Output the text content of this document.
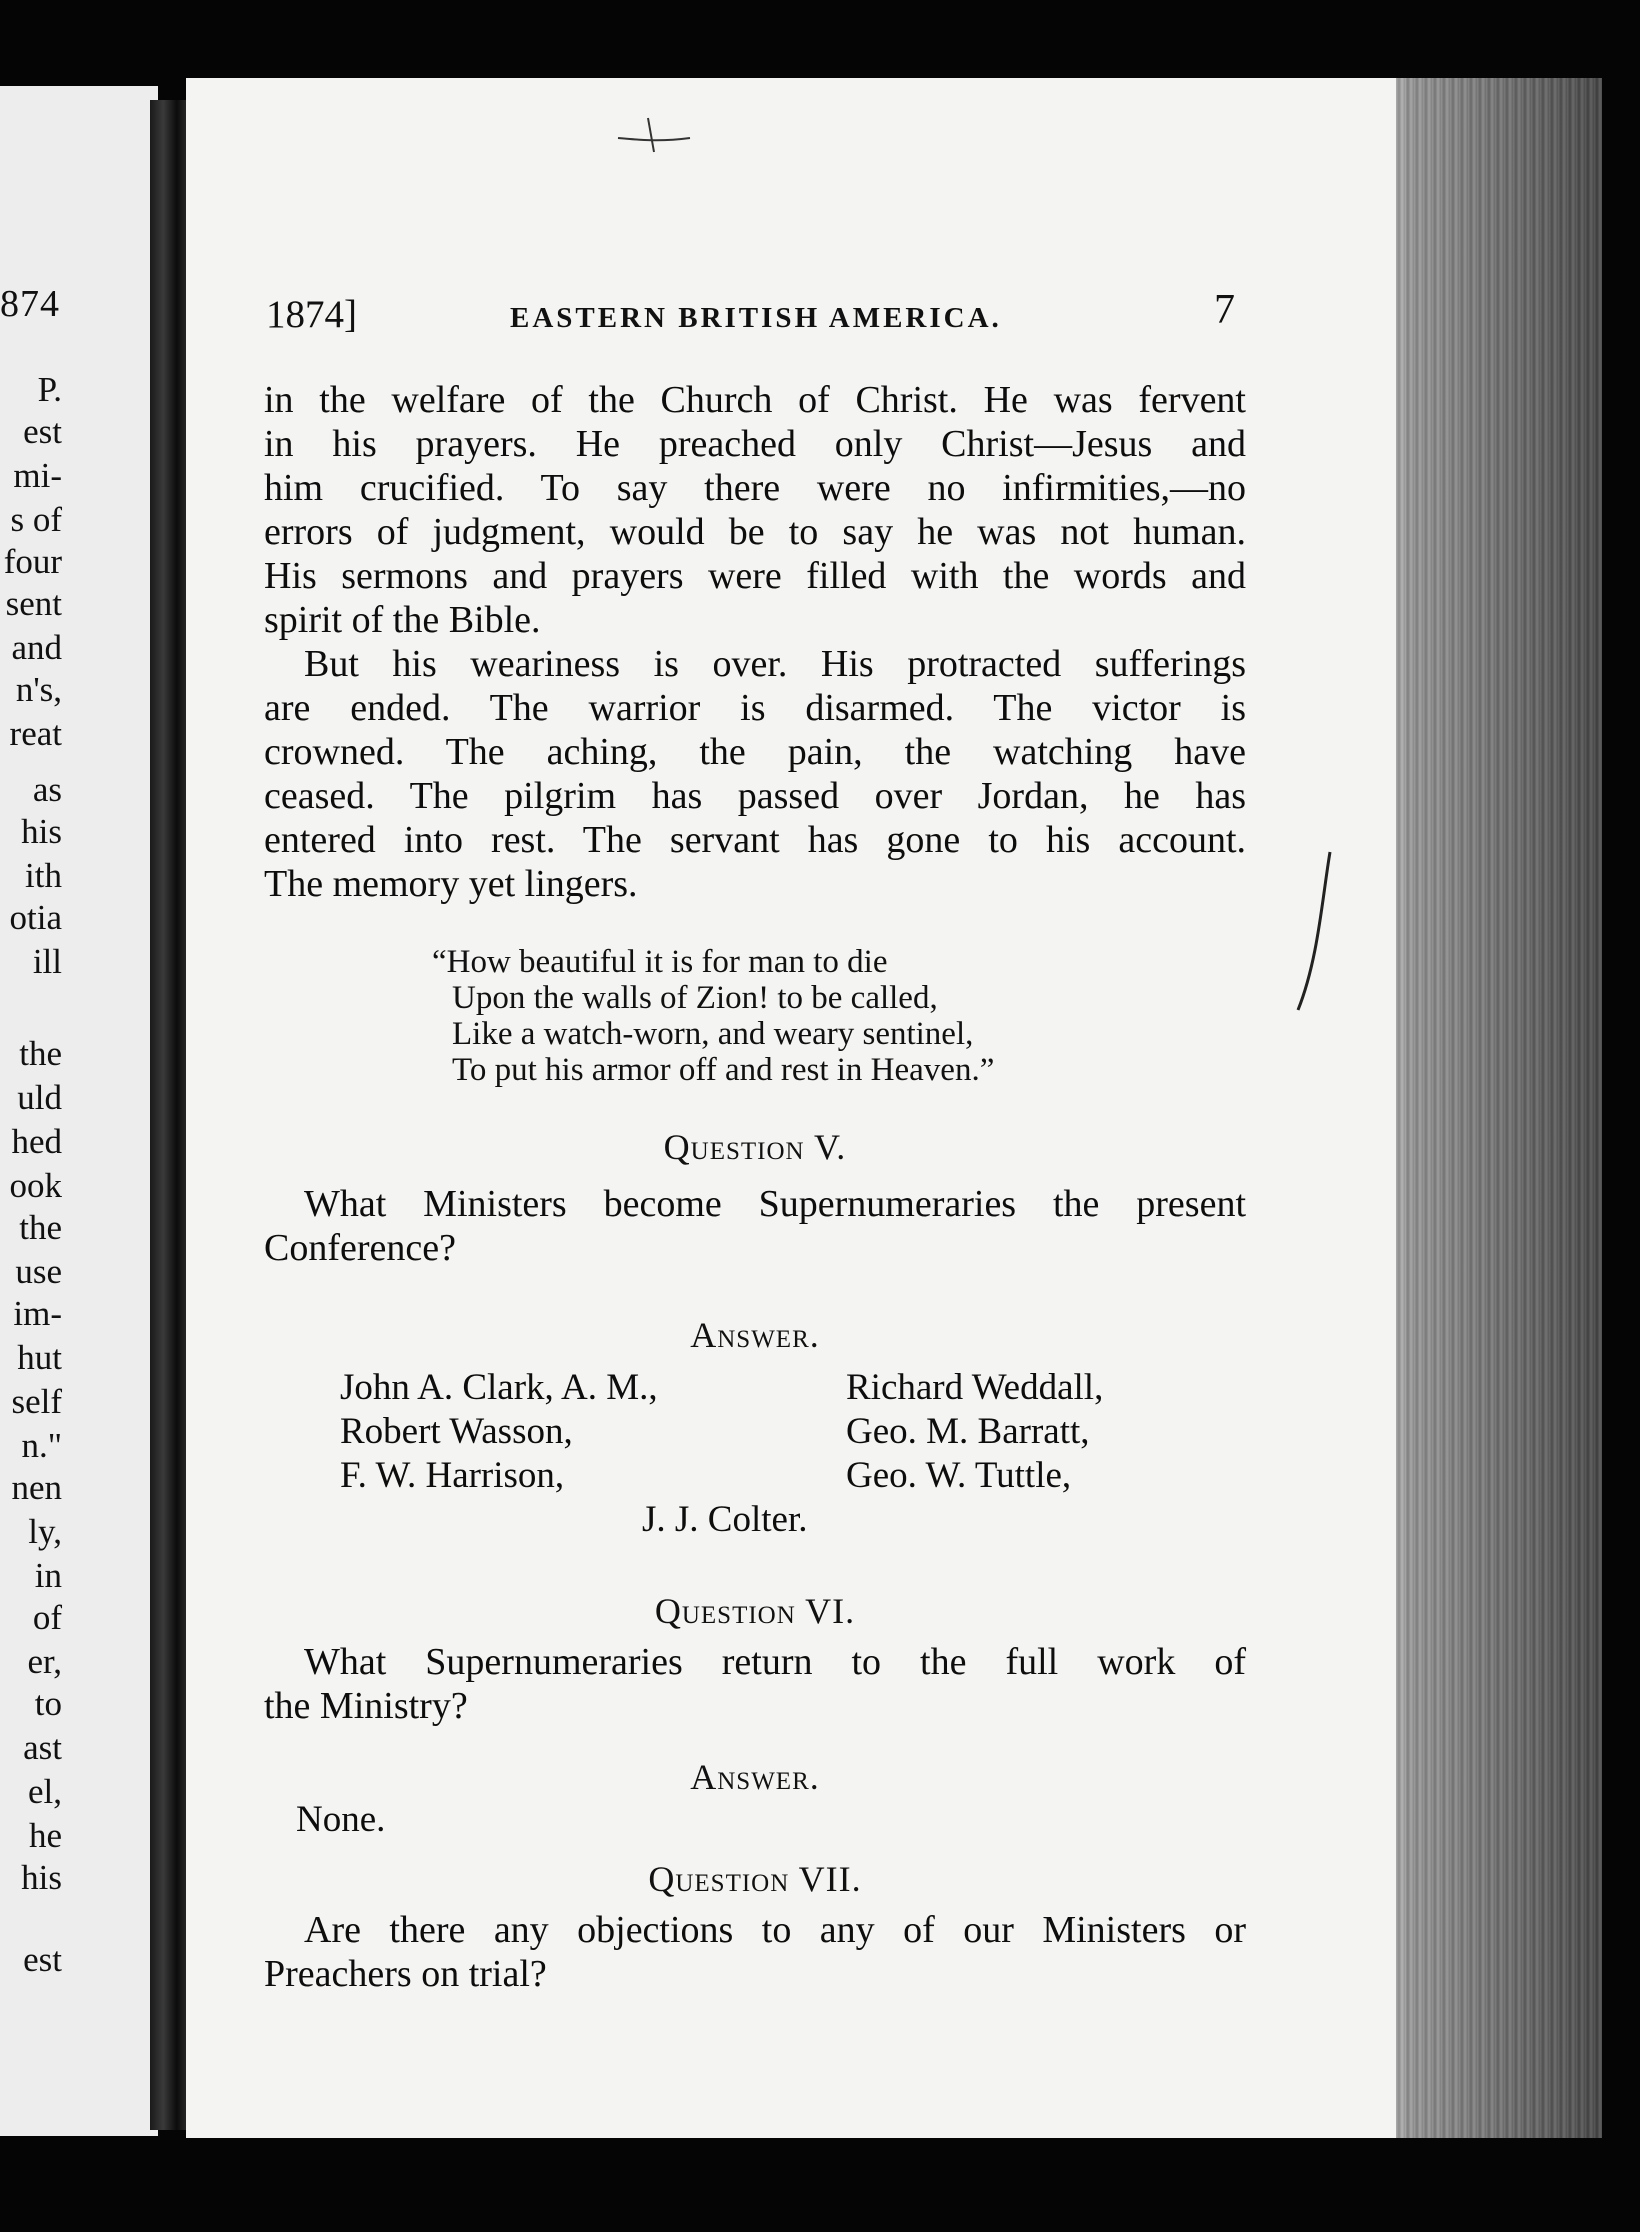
874
P.
est
mi-
s of
four
sent
and
n's,
reat
as
his
ith
otia
ill
the
uld
hed
ook
the
use
im-
hut
self
n."
nen
ly,
in
of
er,
to
ast
el,
he
his
est
1874]	EASTERN BRITISH AMERICA.	7
in the welfare of the Church of Christ. He was fervent
in his prayers. He preached only Christ—Jesus and
him crucified. To say there were no infirmities,—no
errors of judgment, would be to say he was not human.
His sermons and prayers were filled with the words and
spirit of the Bible.
But his weariness is over. His protracted sufferings
are ended. The warrior is disarmed. The victor is
crowned. The aching, the pain, the watching have
ceased. The pilgrim has passed over Jordan, he has
entered into rest. The servant has gone to his account.
The memory yet lingers.
“How beautiful it is for man to die
Upon the walls of Zion! to be called,
Like a watch-worn, and weary sentinel,
To put his armor off and rest in Heaven.”
Question V.
What Ministers become Supernumeraries the present
Conference?
Answer.
John A. Clark, A. M.,
Robert Wasson,
F. W. Harrison,
Richard Weddall,
Geo. M. Barratt,
Geo. W. Tuttle,
J. J. Colter.
Question VI.
What Supernumeraries return to the full work of
the Ministry?
Answer.
None.
Question VII.
Are there any objections to any of our Ministers or
Preachers on trial?
